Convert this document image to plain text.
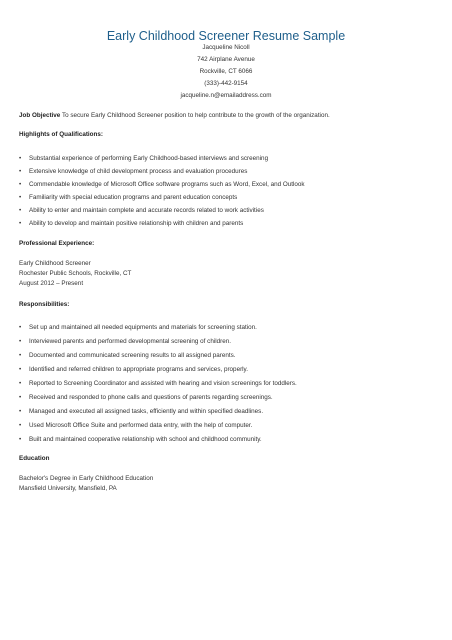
Early Childhood Screener Resume Sample
Jacqueline Nicoll
742 Airplane Avenue
Rockville, CT 6066
(333)-442-9154
jacqueline.n@emailaddress.com
Job Objective To secure Early Childhood Screener position to help contribute to the growth of the organization.
Highlights of Qualifications:
• Substantial experience of performing Early Childhood-based interviews and screening
• Extensive knowledge of child development process and evaluation procedures
• Commendable knowledge of Microsoft Office software programs such as Word, Excel, and Outlook
• Familiarity with special education programs and parent education concepts
• Ability to enter and maintain complete and accurate records related to work activities
• Ability to develop and maintain positive relationship with children and parents
Professional Experience:
Early Childhood Screener
Rochester Public Schools, Rockville, CT
August 2012 – Present
Responsibilities:
• Set up and maintained all needed equipments and materials for screening station.
• Interviewed parents and performed developmental screening of children.
• Documented and communicated screening results to all assigned parents.
• Identified and referred children to appropriate programs and services, properly.
• Reported to Screening Coordinator and assisted with hearing and vision screenings for toddlers.
• Received and responded to phone calls and questions of parents regarding screenings.
• Managed and executed all assigned tasks, efficiently and within specified deadlines.
• Used Microsoft Office Suite and performed data entry, with the help of computer.
• Built and maintained cooperative relationship with school and childhood community.
Education
Bachelor's Degree in Early Childhood Education
Mansfield University, Mansfield, PA
